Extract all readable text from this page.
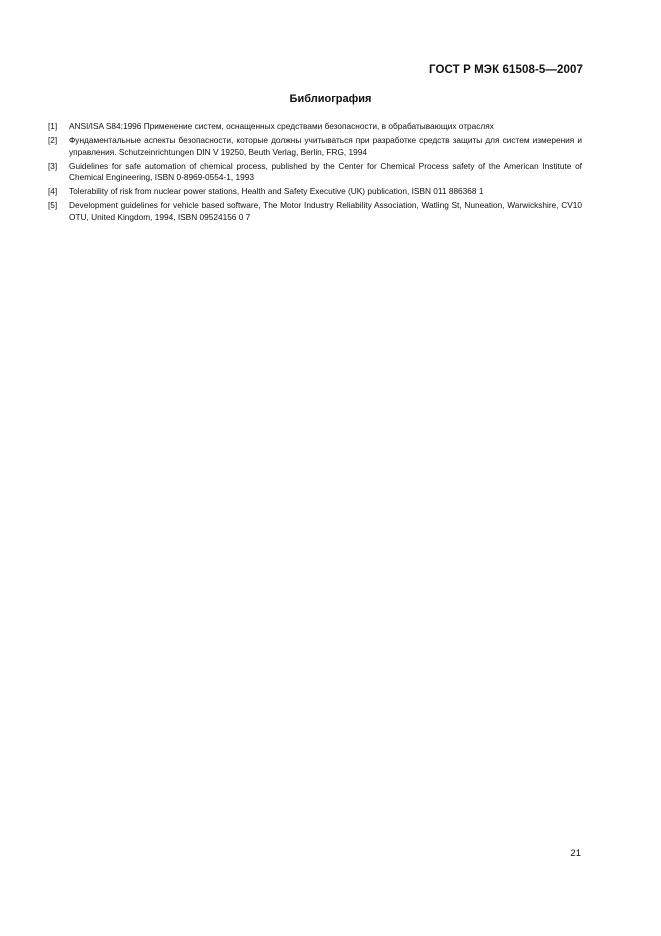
ГОСТ Р МЭК 61508-5—2007
Библиография
[1]	ANSI/ISA S84:1996 Применение систем, оснащенных средствами безопасности, в обрабатывающих отраслях
[2]	Фундаментальные аспекты безопасности, которые должны учитываться при разработке средств защиты для систем измерения и управления. Schutzeinrichtungen DIN V 19250, Beuth Verlag, Berlin, FRG, 1994
[3]	Guidelines for safe automation of chemical process, published by the Center for Chemical Process safety of the American Institute of Chemical Engineering, ISBN 0-8969-0554-1, 1993
[4]	Tolerability of risk from nuclear power stations, Health and Safety Executive (UK) publication, ISBN 011 886368 1
[5]	Development guidelines for vehicle based software, The Motor Industry Reliability Association, Watling St, Nuneation, Warwickshire, CV10 OTU, United Kingdom, 1994, ISBN 09524156 0 7
21
